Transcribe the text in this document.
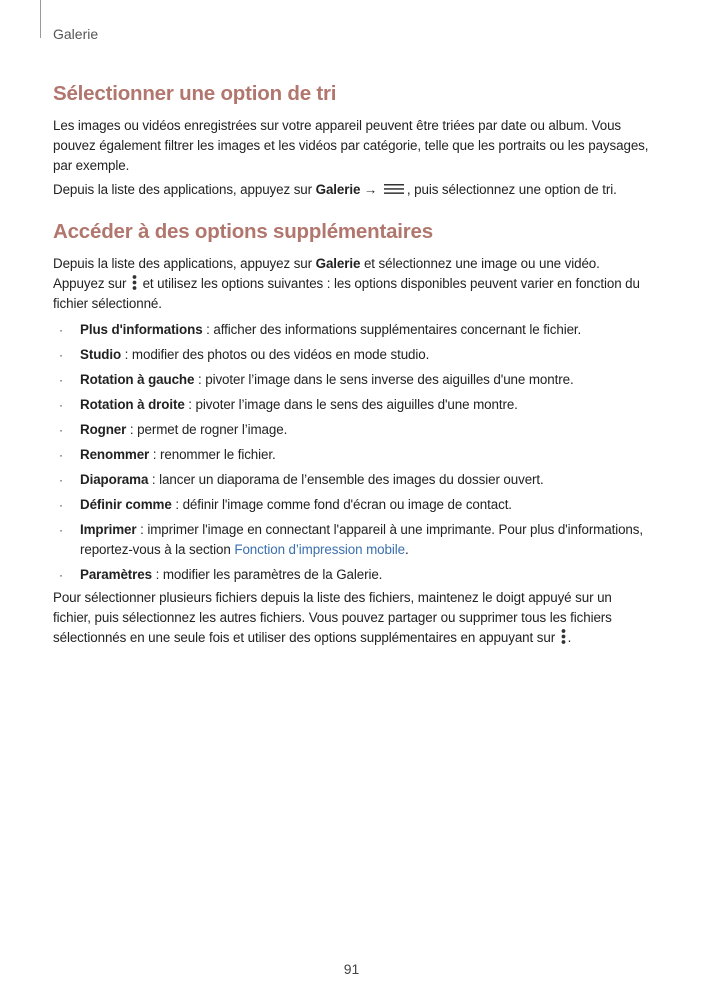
Galerie
Sélectionner une option de tri

Les images ou vidéos enregistrées sur votre appareil peuvent être triées par date ou album. Vous pouvez également filtrer les images et les vidéos par catégorie, telle que les portraits ou les paysages, par exemple.

Depuis la liste des applications, appuyez sur Galerie → , puis sélectionnez une option de tri.

Accéder à des options supplémentaires

Depuis la liste des applications, appuyez sur Galerie et sélectionnez une image ou une vidéo.
Appuyez sur  et utilisez les options suivantes : les options disponibles peuvent varier en fonction du fichier sélectionné.

· Plus d'informations : afficher des informations supplémentaires concernant le fichier.
· Studio : modifier des photos ou des vidéos en mode studio.
· Rotation à gauche : pivoter l’image dans le sens inverse des aiguilles d'une montre.
· Rotation à droite : pivoter l’image dans le sens des aiguilles d'une montre.
· Rogner : permet de rogner l’image.
· Renommer : renommer le fichier.
· Diaporama : lancer un diaporama de l’ensemble des images du dossier ouvert.
· Définir comme : définir l'image comme fond d'écran ou image de contact.
· Imprimer : imprimer l'image en connectant l'appareil à une imprimante. Pour plus d'informations, reportez-vous à la section Fonction d’impression mobile.
· Paramètres : modifier les paramètres de la Galerie.

Pour sélectionner plusieurs fichiers depuis la liste des fichiers, maintenez le doigt appuyé sur un fichier, puis sélectionnez les autres fichiers. Vous pouvez partager ou supprimer tous les fichiers sélectionnés en une seule fois et utiliser des options supplémentaires en appuyant sur .

91
